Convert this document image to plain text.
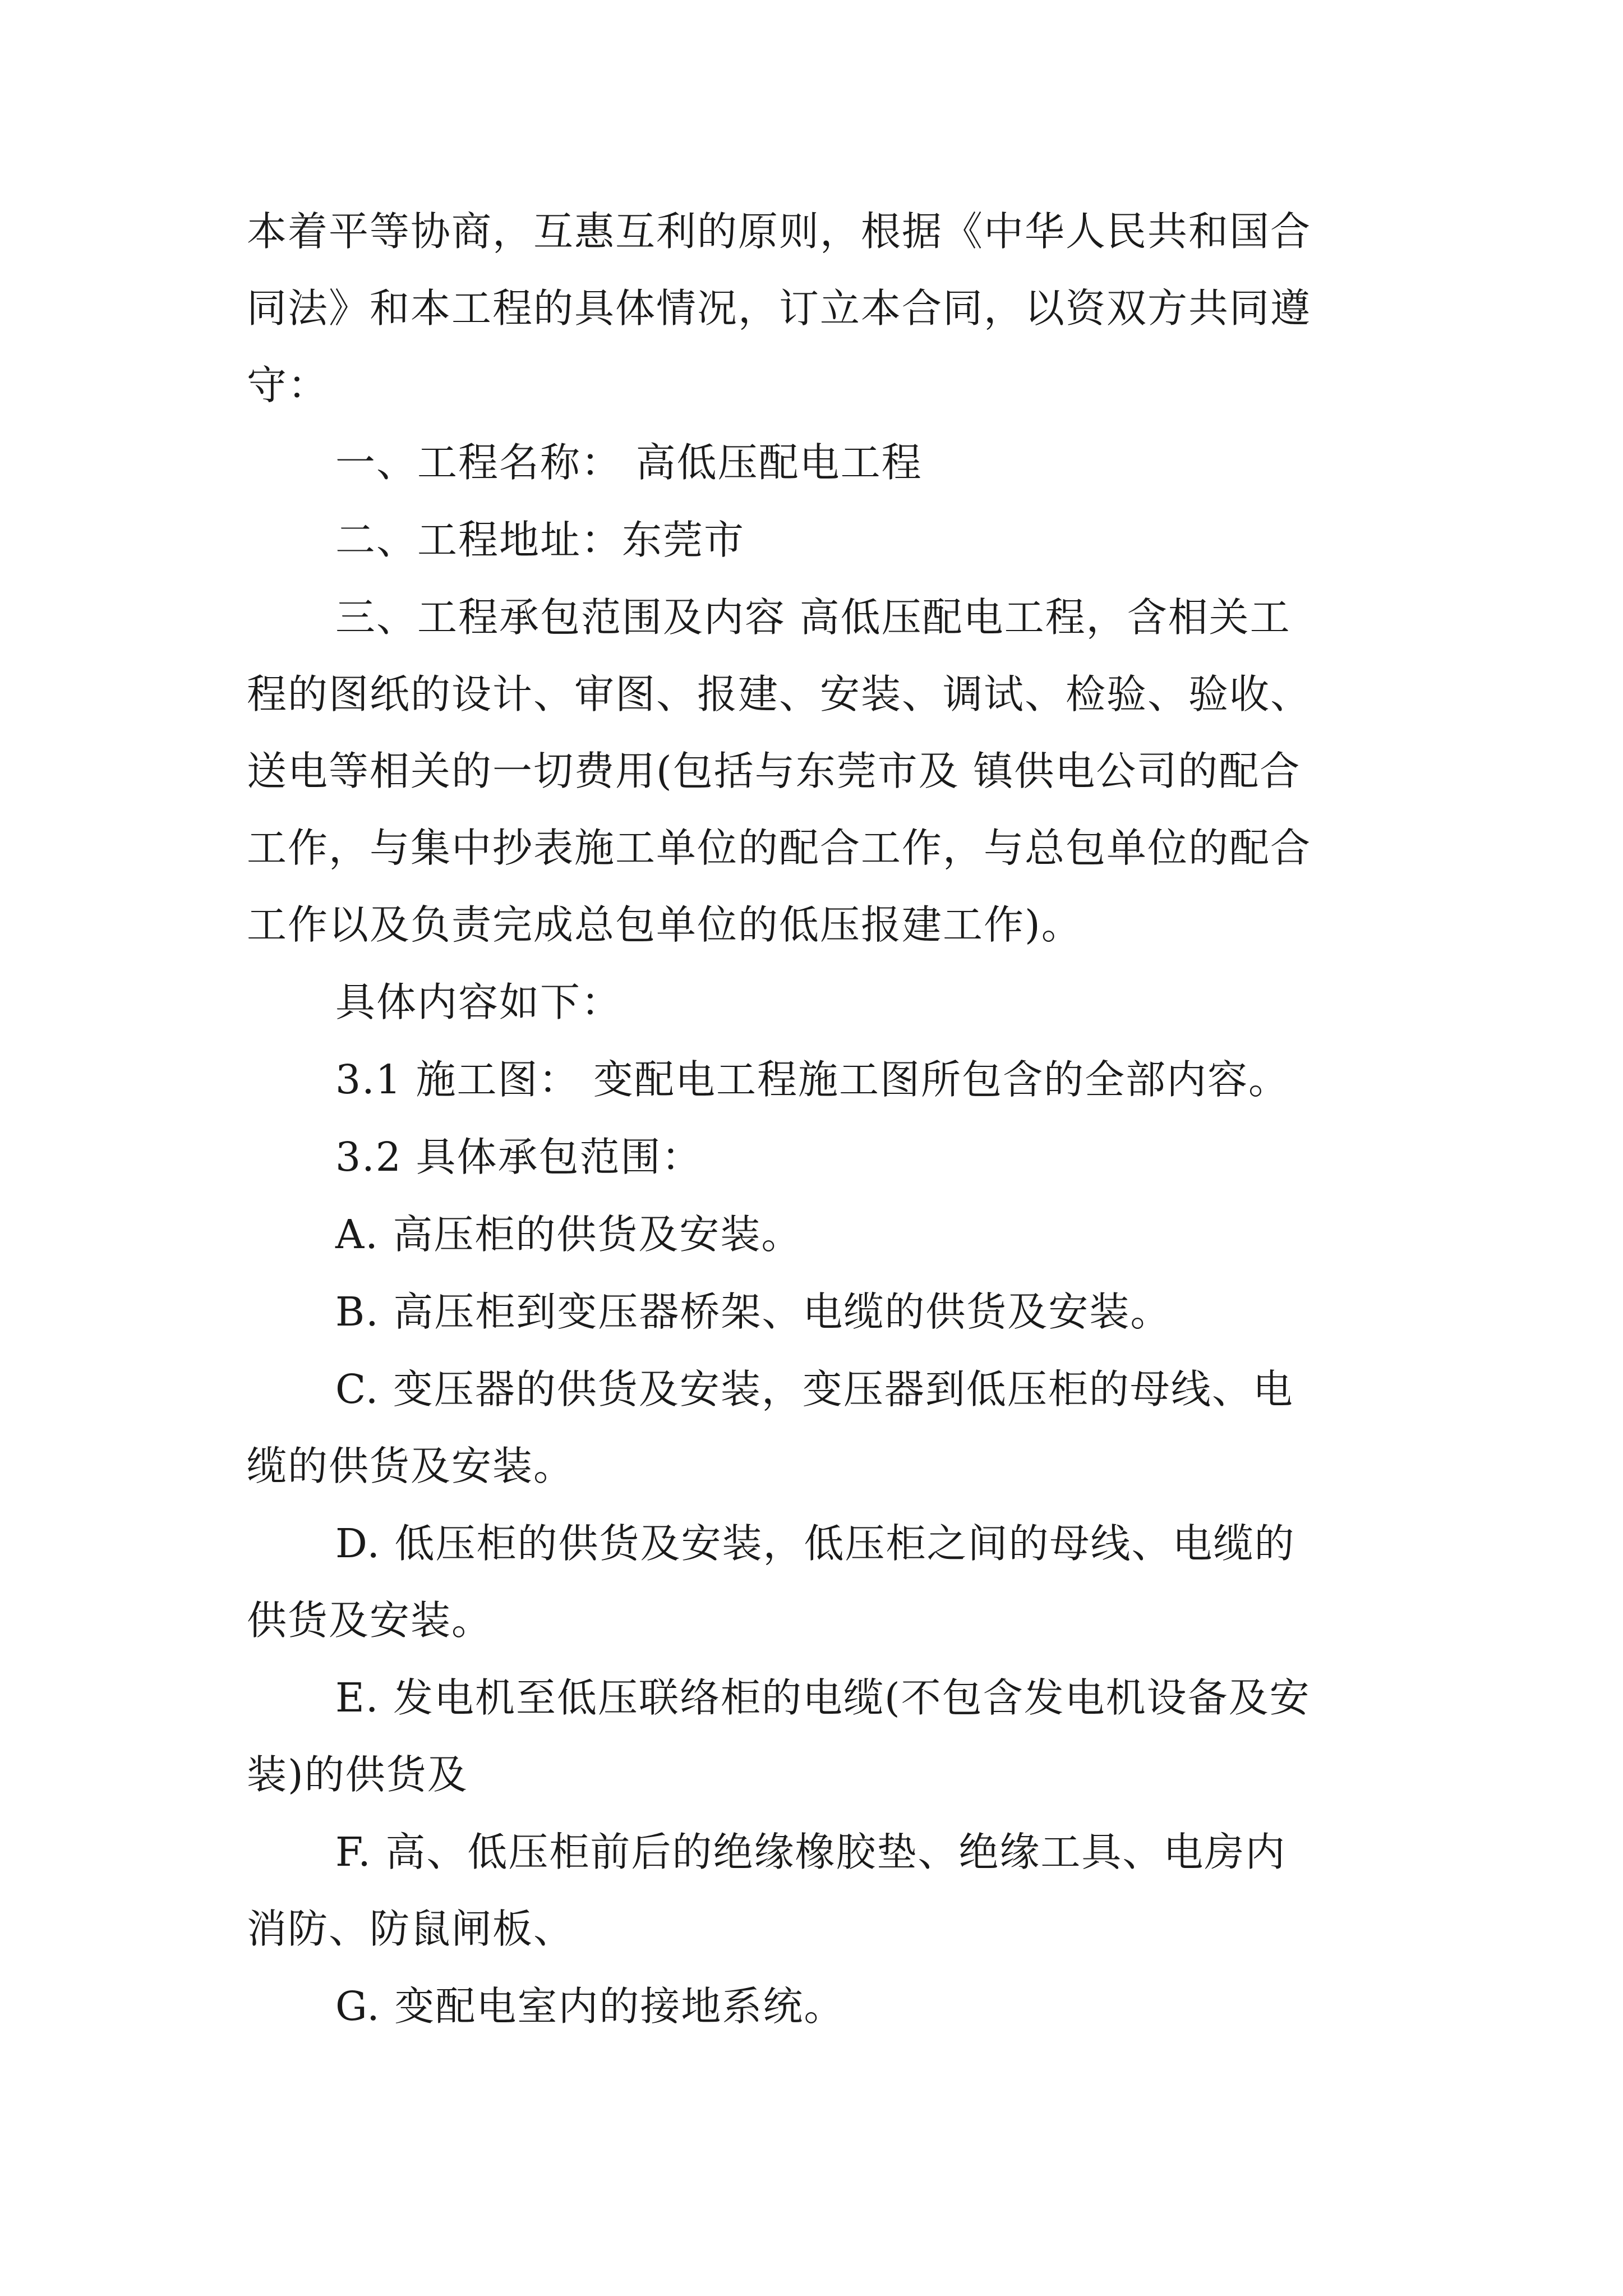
本着平等协商，互惠互利的原则，根据《中华人民共和国合
同法》和本工程的具体情况，订立本合同，以资双方共同遵
守：
一、工程名称： 高低压配电工程
二、工程地址：东莞市
三、工程承包范围及内容 高低压配电工程，含相关工
程的图纸的设计、审图、报建、安装、调试、检验、验收、
送电等相关的一切费用(包括与东莞市及 镇供电公司的配合
工作，与集中抄表施工单位的配合工作，与总包单位的配合
工作以及负责完成总包单位的低压报建工作)。
具体内容如下：
3.1 施工图： 变配电工程施工图所包含的全部内容。
3.2 具体承包范围：
A. 高压柜的供货及安装。
B. 高压柜到变压器桥架、电缆的供货及安装。
C. 变压器的供货及安装，变压器到低压柜的母线、电
缆的供货及安装。
D. 低压柜的供货及安装，低压柜之间的母线、电缆的
供货及安装。
E. 发电机至低压联络柜的电缆(不包含发电机设备及安
装)的供货及
F. 高、低压柜前后的绝缘橡胶垫、绝缘工具、电房内
消防、防鼠闸板、
G. 变配电室内的接地系统。
